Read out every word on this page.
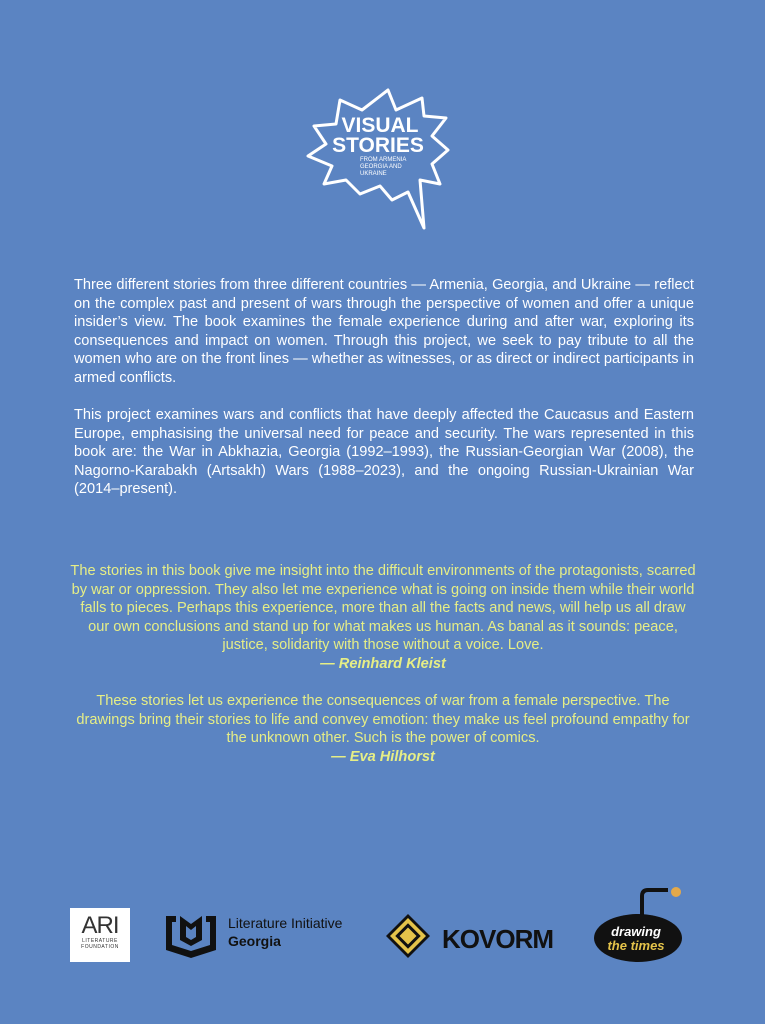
VISUAL
STORIES
FROM ARMENIA
GEORGIA AND
UKRAINE

Three different stories from three different countries — Armenia, Georgia, and Ukraine — reflect on the complex past and present of wars through the perspective of women and offer a unique insider’s view. The book examines the female experience during and after war, exploring its consequences and impact on women. Through this project, we seek to pay tribute to all the women who are on the front lines — whether as witnesses, or as direct or indirect participants in armed conflicts.

This project examines wars and conflicts that have deeply affected the Caucasus and Eastern Europe, emphasising the universal need for peace and security. The wars represented in this book are: the War in Abkhazia, Georgia (1992–1993), the Russian-Georgian War (2008), the Nagorno-Karabakh (Artsakh) Wars (1988–2023), and the ongoing Russian-Ukrainian War (2014–present).

The stories in this book give me insight into the difficult environments of the protagonists, scarred by war or oppression. They also let me experience what is going on inside them while their world falls to pieces. Perhaps this experience, more than all the facts and news, will help us all draw our own conclusions and stand up for what makes us human. As banal as it sounds: peace, justice, solidarity with those without a voice. Love.
— Reinhard Kleist

These stories let us experience the consequences of war from a female perspective. The drawings bring their stories to life and convey emotion: they make us feel profound empathy for the unknown other. Such is the power of comics.
— Eva Hilhorst

ARI
LITERATURE
FOUNDATION
Literature Initiative
Georgia	KOVORM	drawing
the times
